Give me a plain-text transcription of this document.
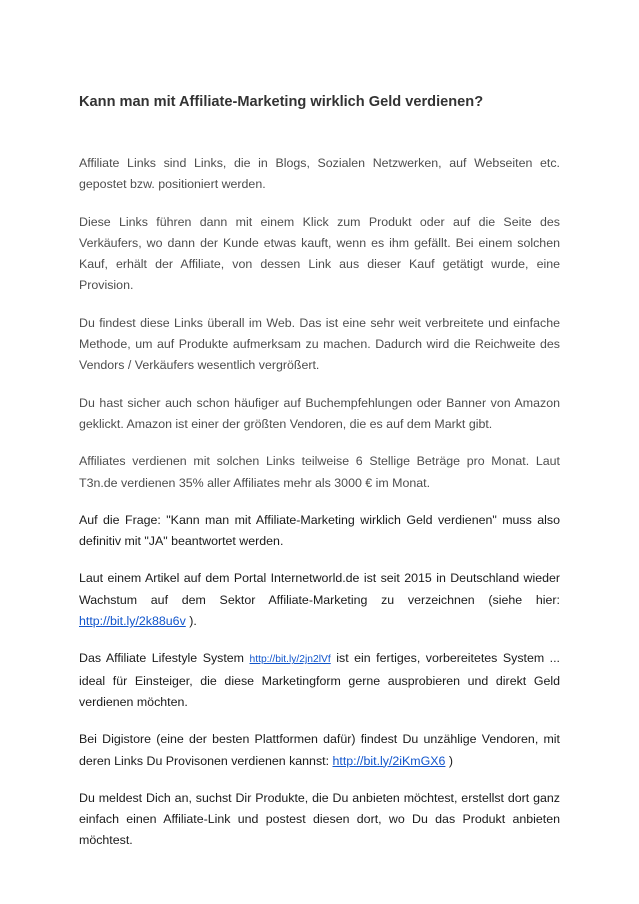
Kann man mit Affiliate-Marketing wirklich Geld verdienen?

Affiliate Links sind Links, die in Blogs, Sozialen Netzwerken, auf Webseiten etc. gepostet bzw. positioniert werden.

Diese Links führen dann mit einem Klick zum Produkt oder auf die Seite des Verkäufers, wo dann der Kunde etwas kauft, wenn es ihm gefällt. Bei einem solchen Kauf, erhält der Affiliate, von dessen Link aus dieser Kauf getätigt wurde, eine Provision.

Du findest diese Links überall im Web. Das ist eine sehr weit verbreitete und einfache Methode, um auf Produkte aufmerksam zu machen. Dadurch wird die Reichweite des Vendors / Verkäufers wesentlich vergrößert.

Du hast sicher auch schon häufiger auf Buchempfehlungen oder Banner von Amazon geklickt. Amazon ist einer der größten Vendoren, die es auf dem Markt gibt.

Affiliates verdienen mit solchen Links teilweise 6 Stellige Beträge pro Monat. Laut T3n.de verdienen 35% aller Affiliates mehr als 3000 € im Monat.

Auf die Frage: "Kann man mit Affiliate-Marketing wirklich Geld verdienen" muss also definitiv mit "JA" beantwortet werden.

Laut einem Artikel auf dem Portal Internetworld.de ist seit 2015 in Deutschland wieder Wachstum auf dem Sektor Affiliate-Marketing zu verzeichnen (siehe hier: http://bit.ly/2k88u6v ).

Das Affiliate Lifestyle System http://bit.ly/2jn2lVf ist ein fertiges, vorbereitetes System ... ideal für Einsteiger, die diese Marketingform gerne ausprobieren und direkt Geld verdienen möchten.

Bei Digistore (eine der besten Plattformen dafür) findest Du unzählige Vendoren, mit deren Links Du Provisonen verdienen kannst: http://bit.ly/2iKmGX6 )

Du meldest Dich an, suchst Dir Produkte, die Du anbieten möchtest, erstellst dort ganz einfach einen Affiliate-Link und postest diesen dort, wo Du das Produkt anbieten möchtest.
